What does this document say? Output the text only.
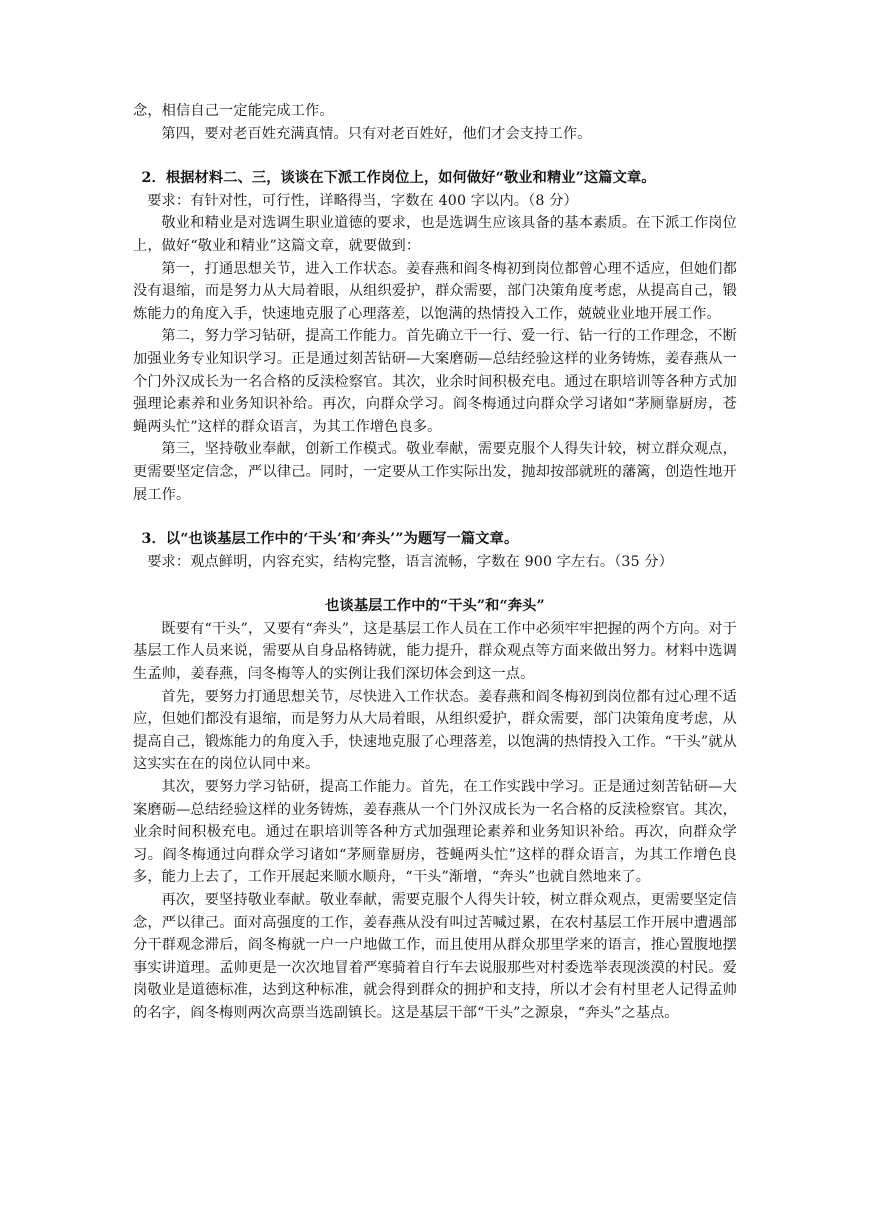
念，相信自己一定能完成工作。

第四，要对老百姓充满真情。只有对老百姓好，他们才会支持工作。

2．根据材料二、三，谈谈在下派工作岗位上，如何做好“敬业和精业”这篇文章。

要求：有针对性，可行性，详略得当，字数在 400 字以内。（8 分）

敬业和精业是对选调生职业道德的要求，也是选调生应该具备的基本素质。在下派工作岗位上，做好“敬业和精业”这篇文章，就要做到：

第一，打通思想关节，进入工作状态。姜春燕和阎冬梅初到岗位都曾心理不适应，但她们都没有退缩，而是努力从大局着眼，从组织爱护，群众需要，部门决策角度考虑，从提高自己，锻炼能力的角度入手，快速地克服了心理落差，以饱满的热情投入工作，兢兢业业地开展工作。

第二，努力学习钻研，提高工作能力。首先确立干一行、爱一行、钻一行的工作理念，不断加强业务专业知识学习。正是通过刻苦钻研—大案磨砺—总结经验这样的业务铸炼，姜春燕从一个门外汉成长为一名合格的反渎检察官。其次，业余时间积极充电。通过在职培训等各种方式加强理论素养和业务知识补给。再次，向群众学习。阎冬梅通过向群众学习诸如“茅厕靠厨房，苍蝇两头忙”这样的群众语言，为其工作增色良多。

第三，坚持敬业奉献，创新工作模式。敬业奉献，需要克服个人得失计较，树立群众观点，更需要坚定信念，严以律己。同时，一定要从工作实际出发，抛却按部就班的藩篱，创造性地开展工作。

3．以“也谈基层工作中的‘干头’和‘奔头’”为题写一篇文章。

要求：观点鲜明，内容充实，结构完整，语言流畅，字数在 900 字左右。（35 分）

也谈基层工作中的“干头”和“奔头”

既要有“干头”，又要有“奔头”，这是基层工作人员在工作中必须牢牢把握的两个方向。对于基层工作人员来说，需要从自身品格铸就，能力提升，群众观点等方面来做出努力。材料中选调生孟帅，姜春燕，闫冬梅等人的实例让我们深切体会到这一点。

首先，要努力打通思想关节，尽快进入工作状态。姜春燕和阎冬梅初到岗位都有过心理不适应，但她们都没有退缩，而是努力从大局着眼，从组织爱护，群众需要，部门决策角度考虑，从提高自己，锻炼能力的角度入手，快速地克服了心理落差，以饱满的热情投入工作。“干头”就从这实实在在的岗位认同中来。

其次，要努力学习钻研，提高工作能力。首先，在工作实践中学习。正是通过刻苦钻研—大案磨砺—总结经验这样的业务铸炼，姜春燕从一个门外汉成长为一名合格的反渎检察官。其次，业余时间积极充电。通过在职培训等各种方式加强理论素养和业务知识补给。再次，向群众学习。阎冬梅通过向群众学习诸如“茅厕靠厨房，苍蝇两头忙”这样的群众语言，为其工作增色良多，能力上去了，工作开展起来顺水顺舟，“干头”渐增，“奔头”也就自然地来了。

再次，要坚持敬业奉献。敬业奉献，需要克服个人得失计较，树立群众观点，更需要坚定信念，严以律己。面对高强度的工作，姜春燕从没有叫过苦喊过累，在农村基层工作开展中遭遇部分干群观念滞后，阎冬梅就一户一户地做工作，而且使用从群众那里学来的语言，推心置腹地摆事实讲道理。孟帅更是一次次地冒着严寒骑着自行车去说服那些对村委选举表现淡漠的村民。爱岗敬业是道德标准，达到这种标准，就会得到群众的拥护和支持，所以才会有村里老人记得孟帅的名字，阎冬梅则两次高票当选副镇长。这是基层干部“干头”之源泉，“奔头”之基点。
